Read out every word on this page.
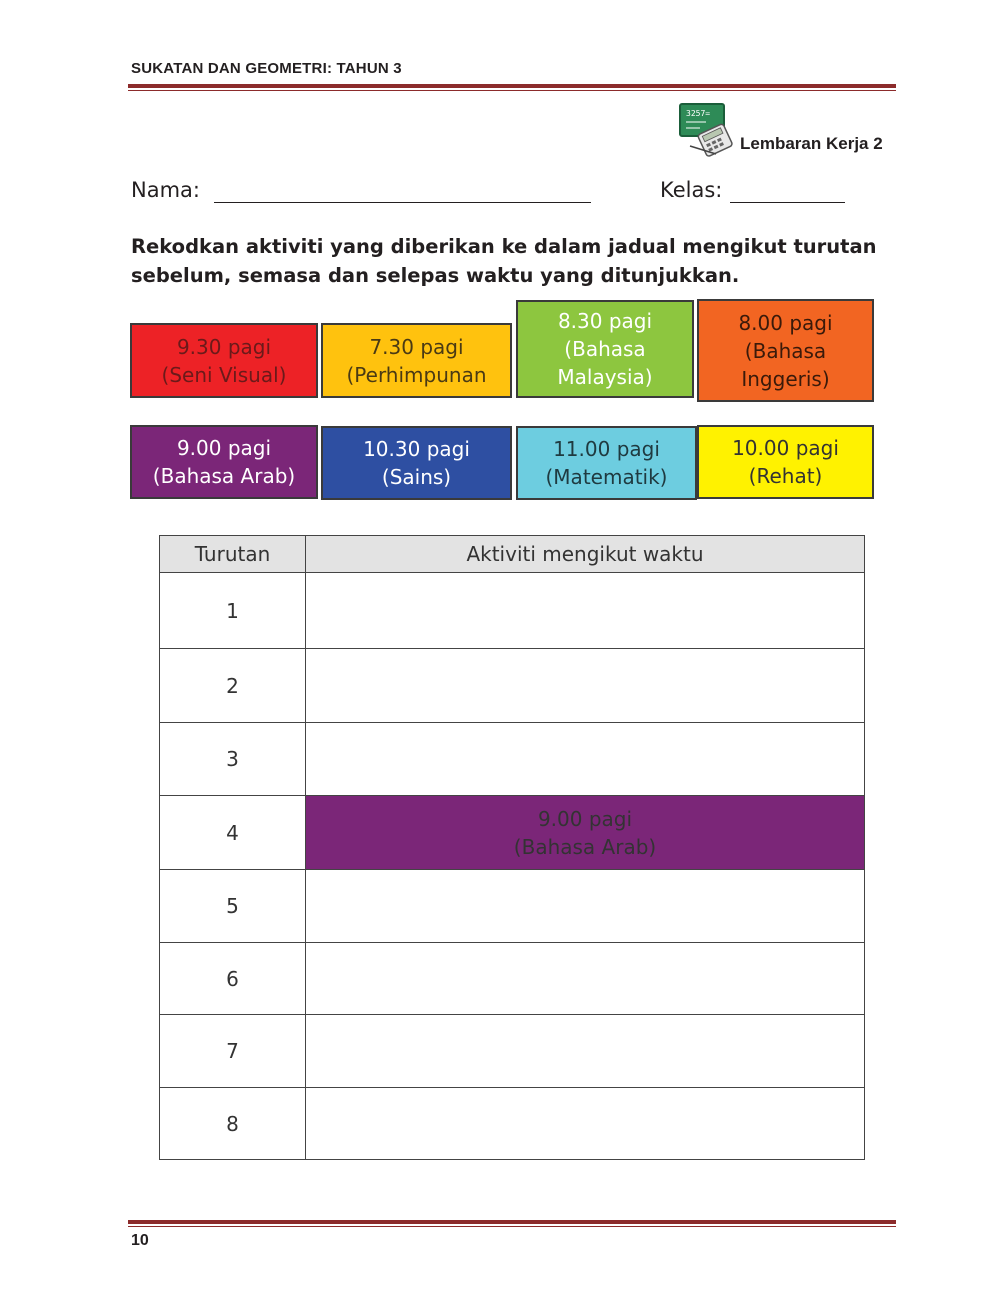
SUKATAN DAN GEOMETRI: TAHUN 3
3257=
Lembaran Kerja 2
Nama:	Kelas:
Rekodkan aktiviti yang diberikan ke dalam jadual mengikut turutan sebelum, semasa dan selepas waktu yang ditunjukkan.
9.30 pagi
(Seni Visual)
7.30 pagi
(Perhimpunan
8.30 pagi
(Bahasa
Malaysia)
8.00 pagi
(Bahasa
Inggeris)
9.00 pagi
(Bahasa Arab)
10.30 pagi
(Sains)
11.00 pagi
(Matematik)
10.00 pagi
(Rehat)
Turutan	Aktiviti mengikut waktu
1	
2	
3	
4	9.00 pagi
(Bahasa Arab)

5	
6	
7	
8	
10
